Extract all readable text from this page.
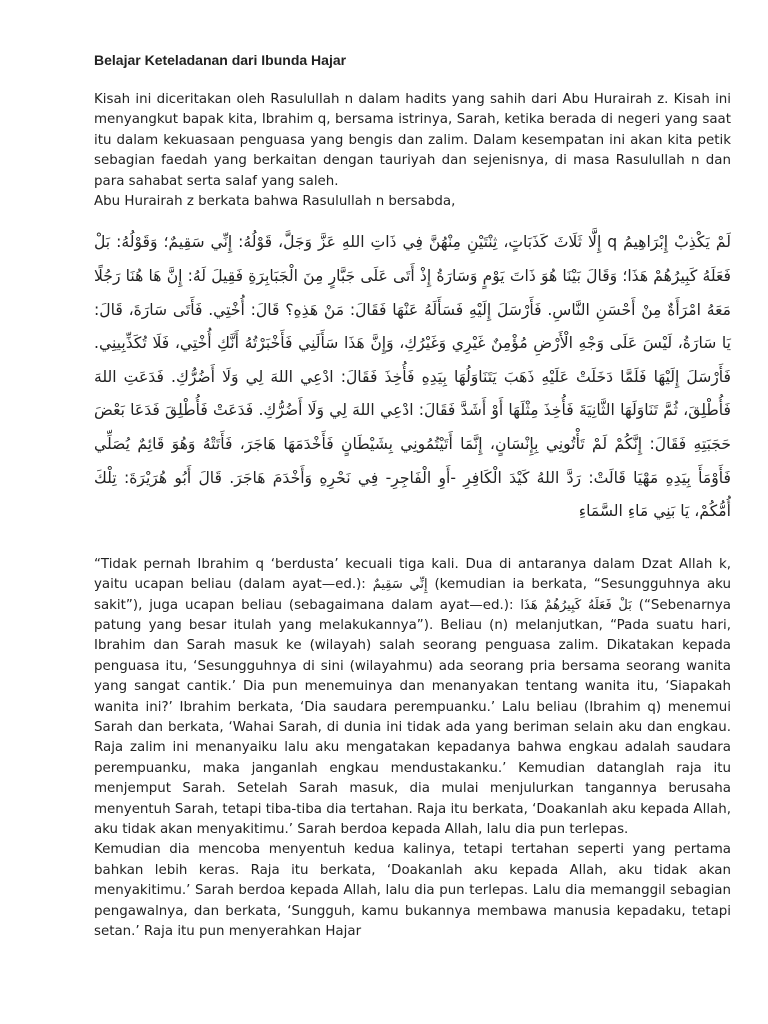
Belajar Keteladanan dari Ibunda Hajar

Kisah ini diceritakan oleh Rasulullah n dalam hadits yang sahih dari Abu Hurairah z. Kisah ini menyangkut bapak kita, Ibrahim q, bersama istrinya, Sarah, ketika berada di negeri yang saat itu dalam kekuasaan penguasa yang bengis dan zalim. Dalam kesempatan ini akan kita petik sebagian faedah yang berkaitan dengan tauriyah dan sejenisnya, di masa Rasulullah n dan para sahabat serta salaf yang saleh.

Abu Hurairah z berkata bahwa Rasulullah n bersabda,

لَمْ يَكْذِبْ إِبْرَاهِيمُ q إِلَّا ثَلَاثَ كَذَبَاتٍ، ثِنْتَيْنِ مِنْهُنَّ فِي ذَاتِ اللهِ عَزَّ وَجَلَّ، قَوْلُهُ: إِنِّي سَقِيمٌ؛ وَقَوْلُهُ: بَلْ فَعَلَهُ كَبِيرُهُمْ هَذَا؛ وَقَالَ بَيْنَا هُوَ ذَاتَ يَوْمٍ وَسَارَةُ إِذْ أَتَى عَلَى جَبَّارٍ مِنَ الْجَبَابِرَةِ فَقِيلَ لَهُ: إِنَّ هَا هُنَا رَجُلًا مَعَهُ امْرَأَةٌ مِنْ أَحْسَنِ النَّاسِ. فَأَرْسَلَ إِلَيْهِ فَسَأَلَهُ عَنْهَا فَقَالَ: مَنْ هَذِهِ؟ قَالَ: أُخْتِي. فَأَتَى سَارَةَ، قَالَ: يَا سَارَةُ، لَيْسَ عَلَى وَجْهِ الْأَرْضِ مُؤْمِنٌ غَيْرِي وَغَيْرُكِ، وَإِنَّ هَذَا سَأَلَنِي فَأَخْبَرْتُهُ أَنَّكِ أُخْتِي، فَلَا تُكَذِّبِينِي. فَأَرْسَلَ إِلَيْهَا فَلَمَّا دَخَلَتْ عَلَيْهِ ذَهَبَ يَتَنَاوَلُهَا بِيَدِهِ فَأُخِذَ فَقَالَ: ادْعِي اللهَ لِي وَلَا أَضُرُّكِ. فَدَعَتِ اللهَ فَأُطْلِقَ، ثُمَّ تَنَاوَلَهَا الثَّانِيَةَ فَأُخِذَ مِثْلَهَا أَوْ أَشَدَّ فَقَالَ: ادْعِي اللهَ لِي وَلَا أَضُرُّكِ. فَدَعَتْ فَأُطْلِقَ فَدَعَا بَعْضَ حَجَبَتِهِ فَقَالَ: إِنَّكُمْ لَمْ تَأْتُونِي بِإِنْسَانٍ، إِنَّمَا أَتَيْتُمُونِي بِشَيْطَانٍ فَأَخْدَمَهَا هَاجَرَ، فَأَتَتْهُ وَهُوَ قَائِمٌ يُصَلِّي فَأَوْمَأَ بِيَدِهِ مَهْيَا قَالَتْ: رَدَّ اللهُ كَيْدَ الْكَافِرِ -أَوِ الْفَاجِرِ- فِي نَحْرِهِ وَأَخْدَمَ هَاجَرَ. قَالَ أَبُو هُرَيْرَةَ: تِلْكَ أُمُّكُمْ، يَا بَنِي مَاءِ السَّمَاءِ

“Tidak pernah Ibrahim q ‘berdusta’ kecuali tiga kali. Dua di antaranya dalam Dzat Allah k, yaitu ucapan beliau (dalam ayat—ed.): إِنِّي سَقِيمٌ (kemudian ia berkata, “Sesungguhnya aku sakit”), juga ucapan beliau (sebagaimana dalam ayat—ed.): بَلْ فَعَلَهُ كَبِيرُهُمْ هَذَا (“Sebenarnya patung yang besar itulah yang melakukannya”). Beliau (n) melanjutkan, “Pada suatu hari, Ibrahim dan Sarah masuk ke (wilayah) salah seorang penguasa zalim. Dikatakan kepada penguasa itu, ‘Sesungguhnya di sini (wilayahmu) ada seorang pria bersama seorang wanita yang sangat cantik.’ Dia pun menemuinya dan menanyakan tentang wanita itu, ‘Siapakah wanita ini?’ Ibrahim berkata, ‘Dia saudara perempuanku.’ Lalu beliau (Ibrahim q) menemui Sarah dan berkata, ‘Wahai Sarah, di dunia ini tidak ada yang beriman selain aku dan engkau. Raja zalim ini menanyaiku lalu aku mengatakan kepadanya bahwa engkau adalah saudara perempuanku, maka janganlah engkau mendustakanku.’ Kemudian datanglah raja itu menjemput Sarah. Setelah Sarah masuk, dia mulai menjulurkan tangannya berusaha menyentuh Sarah, tetapi tiba-tiba dia tertahan. Raja itu berkata, ‘Doakanlah aku kepada Allah, aku tidak akan menyakitimu.’ Sarah berdoa kepada Allah, lalu dia pun terlepas.

Kemudian dia mencoba menyentuh kedua kalinya, tetapi tertahan seperti yang pertama bahkan lebih keras. Raja itu berkata, ‘Doakanlah aku kepada Allah, aku tidak akan menyakitimu.’ Sarah berdoa kepada Allah, lalu dia pun terlepas. Lalu dia memanggil sebagian pengawalnya, dan berkata, ‘Sungguh, kamu bukannya membawa manusia kepadaku, tetapi setan.’ Raja itu pun menyerahkan Hajar
